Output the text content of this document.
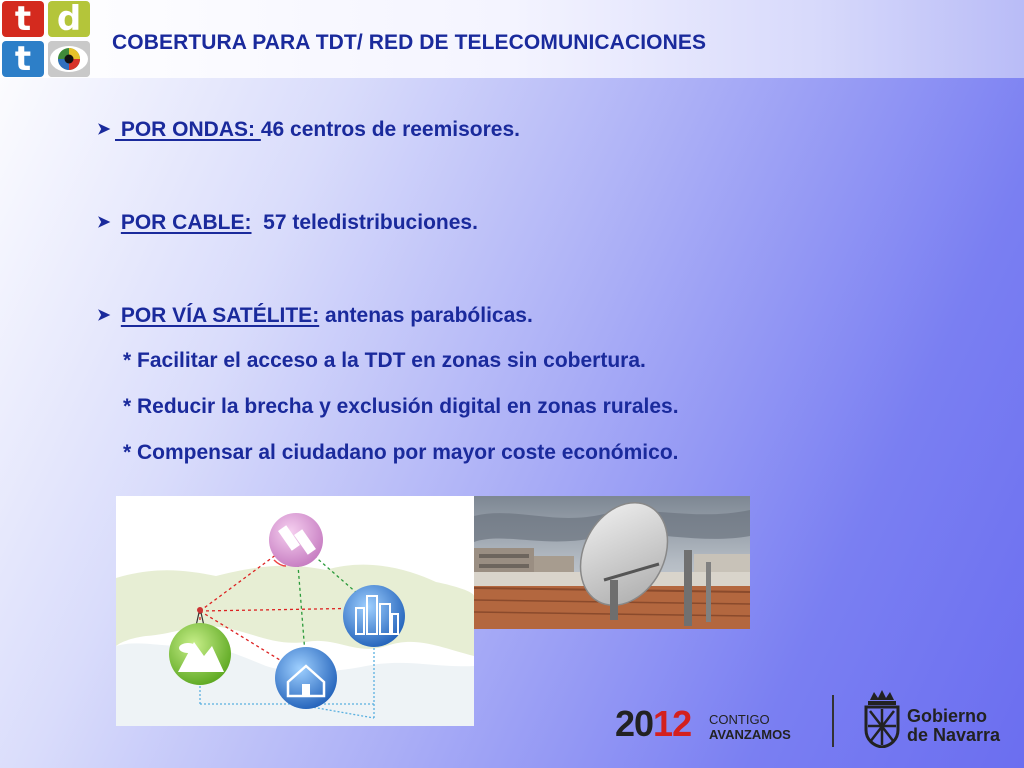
t d
t	COBERTURA PARA TDT/ RED DE TELECOMUNICACIONES
➤ POR ONDAS: 46 centros de reemisores.
➤ POR CABLE:  57 teledistribuciones.
➤ POR VÍA SATÉLITE: antenas parabólicas.
* Facilitar el acceso a la TDT en zonas sin cobertura.
* Reducir la brecha y exclusión digital en zonas rurales.
* Compensar al ciudadano por mayor coste económico.
2012 CONTIGO
AVANZAMOS
Gobierno
de Navarra
